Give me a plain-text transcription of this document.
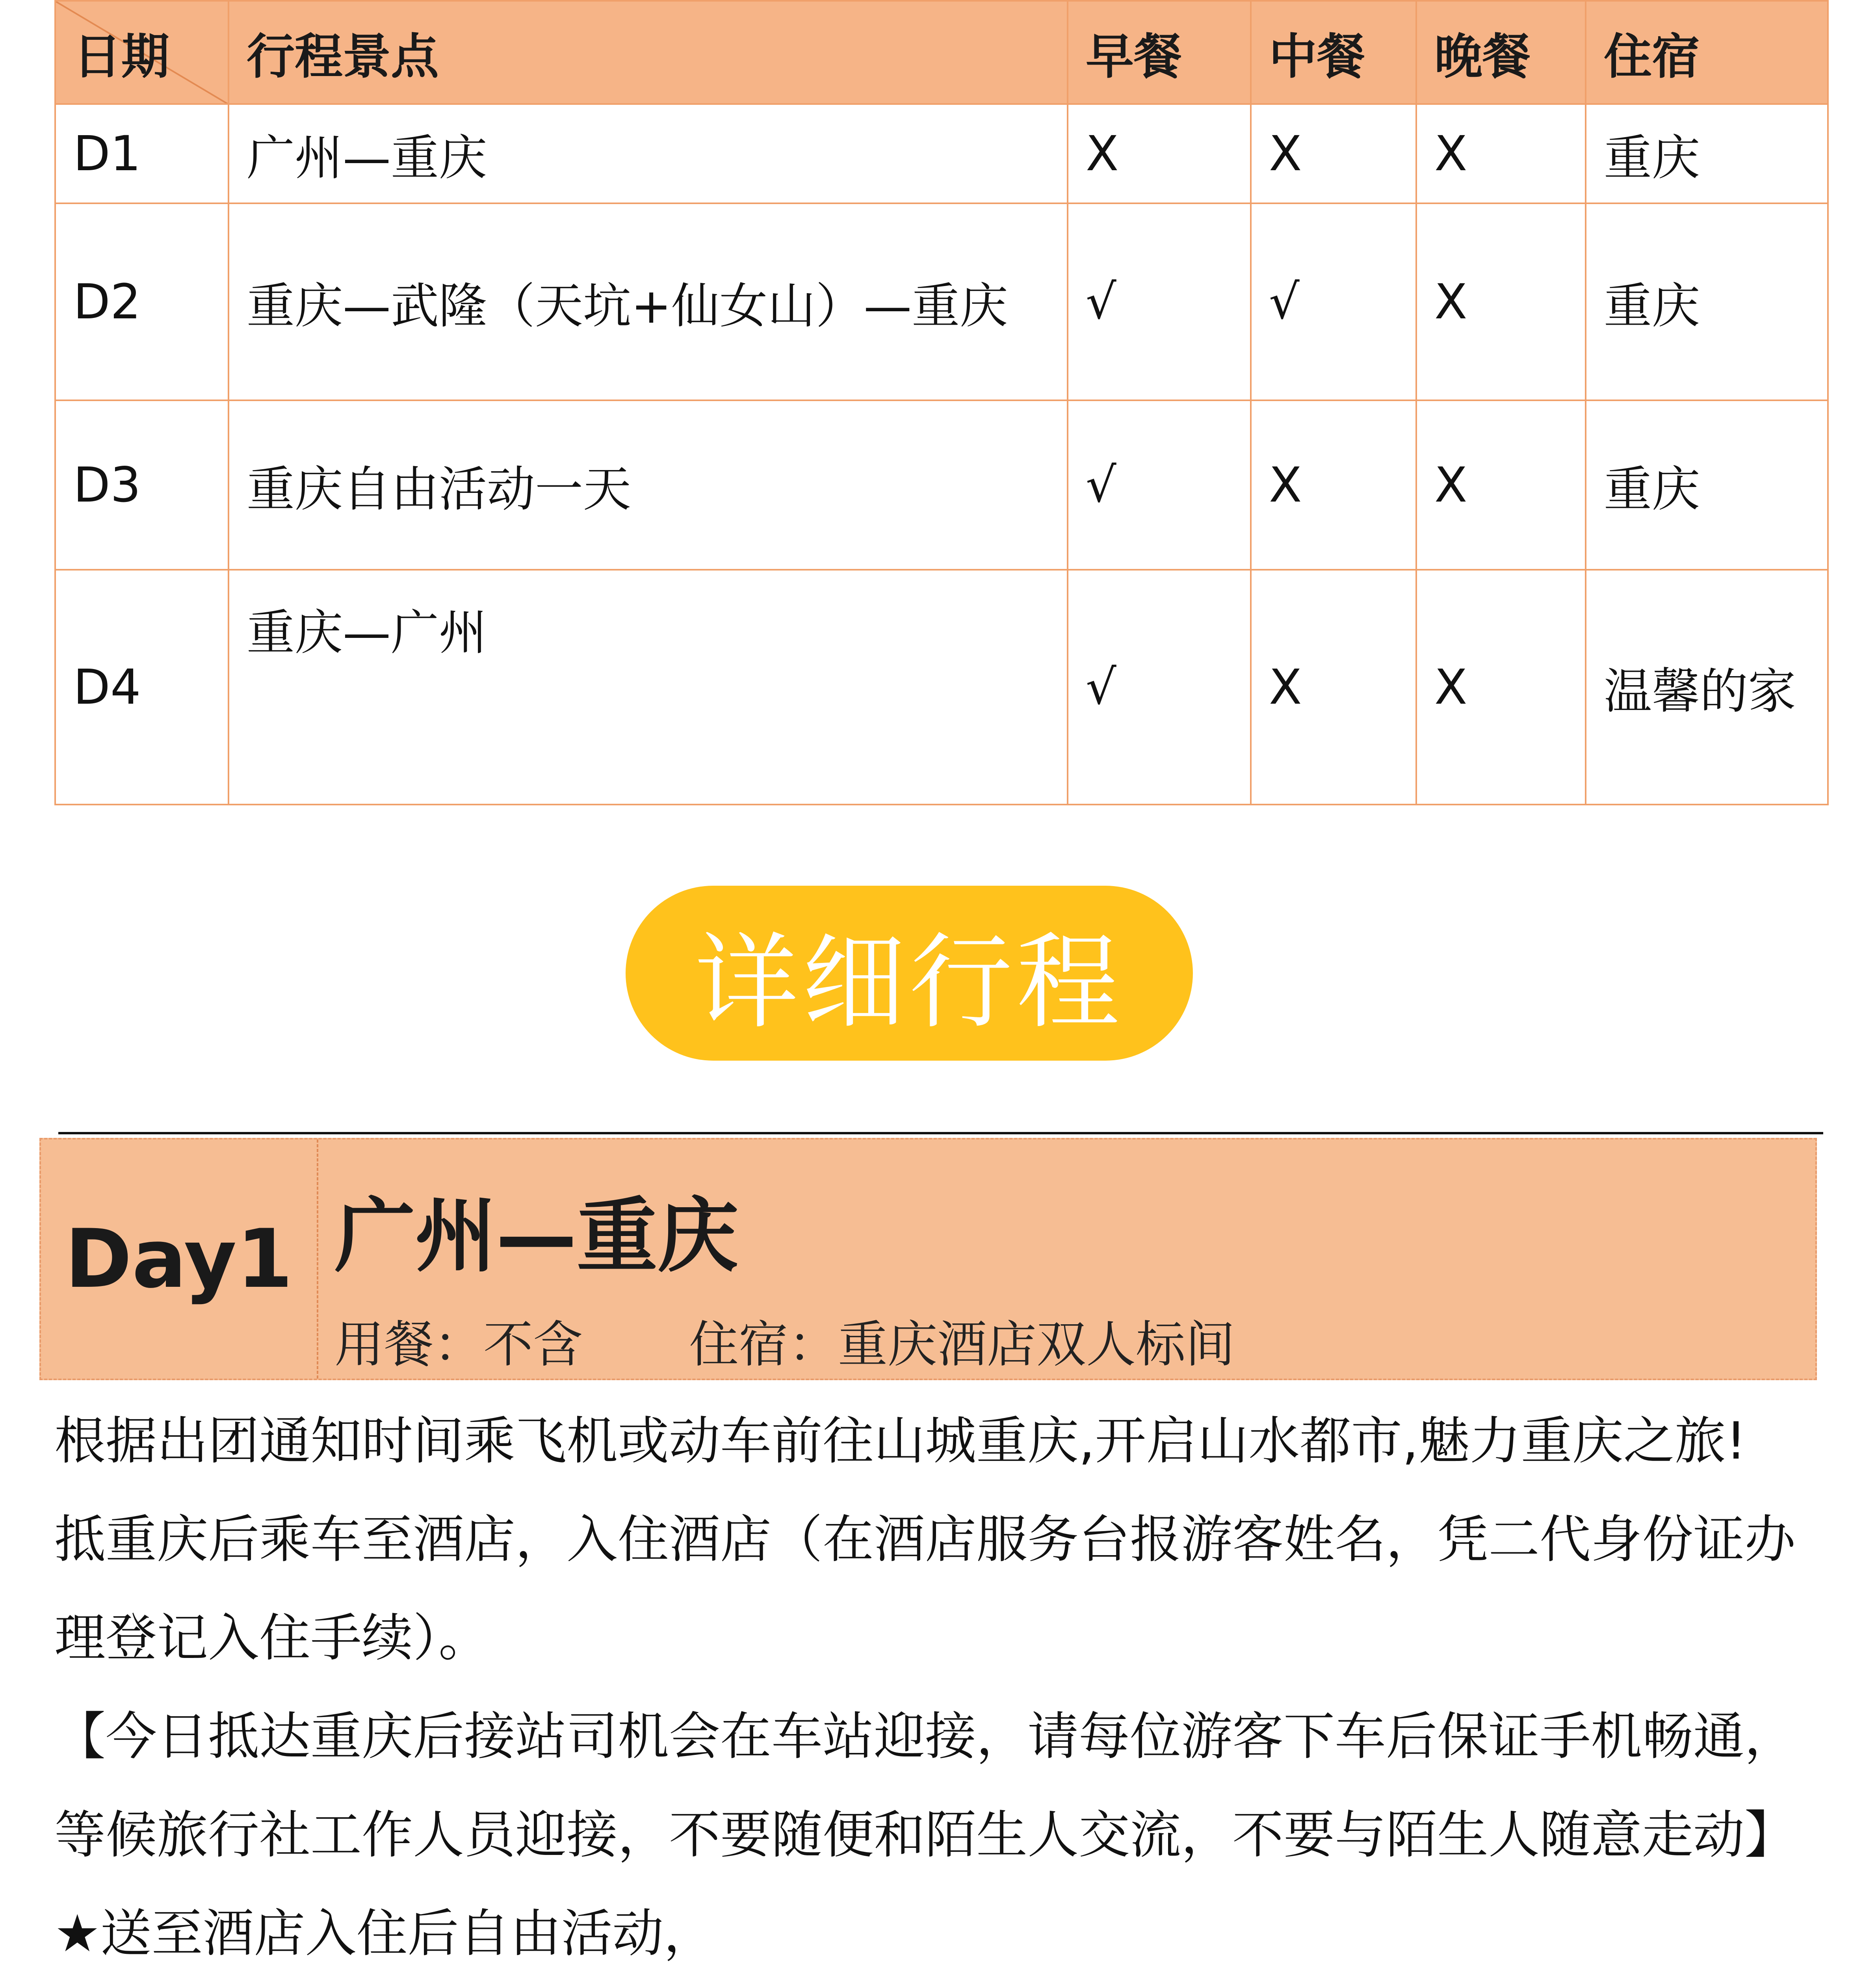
日期	行程景点	早餐	中餐	晚餐	住宿
D1	广州—重庆	X	X	X	重庆
D2	重庆—武隆（天坑+仙女山）—重庆	√	√	X	重庆
D3	重庆自由活动一天	√	X	X	重庆
D4	重庆—广州	√	X	X	温馨的家
详细行程
Day1 广州—重庆
用餐：不含 住宿：重庆酒店双人标间

根据出团通知时间乘飞机或动车前往山城重庆,开启山水都市,魅力重庆之旅!

抵重庆后乘车至酒店，入住酒店（在酒店服务台报游客姓名，凭二代身份证办理登记入住手续）。

【今日抵达重庆后接站司机会在车站迎接，请每位游客下车后保证手机畅通，等候旅行社工作人员迎接，不要随便和陌生人交流，不要与陌生人随意走动】

★送至酒店入住后自由活动，
